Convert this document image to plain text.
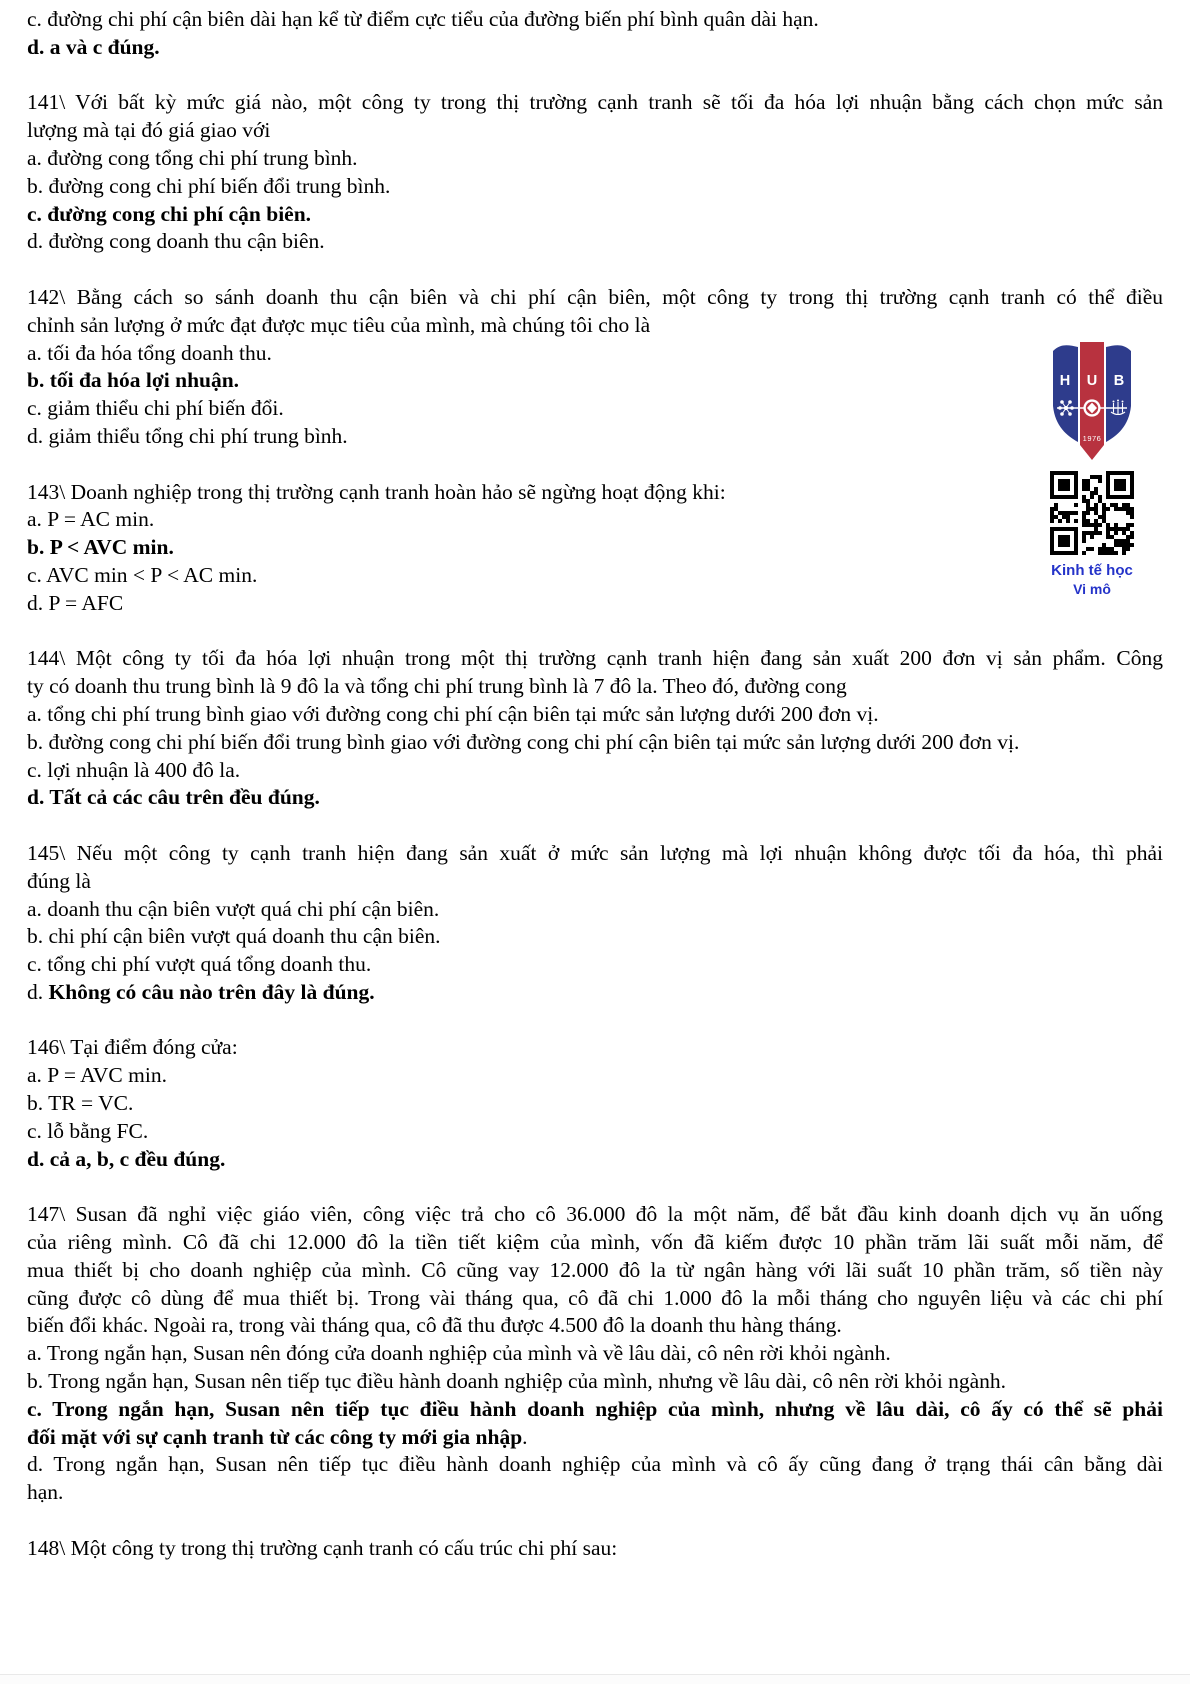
c. đường chi phí cận biên dài hạn kể từ điểm cực tiểu của đường biến phí bình quân dài hạn.
d. a và c đúng.
141\ Với bất kỳ mức giá nào, một công ty trong thị trường cạnh tranh sẽ tối đa hóa lợi nhuận bằng cách chọn mức sản
lượng mà tại đó giá giao với
a. đường cong tổng chi phí trung bình.
b. đường cong chi phí biến đổi trung bình.
c. đường cong chi phí cận biên.
d. đường cong doanh thu cận biên.
142\ Bằng cách so sánh doanh thu cận biên và chi phí cận biên, một công ty trong thị trường cạnh tranh có thể điều
chỉnh sản lượng ở mức đạt được mục tiêu của mình, mà chúng tôi cho là
a. tối đa hóa tổng doanh thu.
b. tối đa hóa lợi nhuận.
c. giảm thiểu chi phí biến đổi.
d. giảm thiểu tổng chi phí trung bình.
143\ Doanh nghiệp trong thị trường cạnh tranh hoàn hảo sẽ ngừng hoạt động khi:
a. P = AC min.
b. P < AVC min.
c. AVC min < P < AC min.
d. P = AFC
144\ Một công ty tối đa hóa lợi nhuận trong một thị trường cạnh tranh hiện đang sản xuất 200 đơn vị sản phẩm. Công
ty có doanh thu trung bình là 9 đô la và tổng chi phí trung bình là 7 đô la. Theo đó, đường cong
a. tổng chi phí trung bình giao với đường cong chi phí cận biên tại mức sản lượng dưới 200 đơn vị.
b. đường cong chi phí biến đổi trung bình giao với đường cong chi phí cận biên tại mức sản lượng dưới 200 đơn vị.
c. lợi nhuận là 400 đô la.
d. Tất cả các câu trên đều đúng.
145\ Nếu một công ty cạnh tranh hiện đang sản xuất ở mức sản lượng mà lợi nhuận không được tối đa hóa, thì phải
đúng là
a. doanh thu cận biên vượt quá chi phí cận biên.
b. chi phí cận biên vượt quá doanh thu cận biên.
c. tổng chi phí vượt quá tổng doanh thu.
d. Không có câu nào trên đây là đúng.
146\ Tại điểm đóng cửa:
a. P = AVC min.
b. TR = VC.
c. lỗ bằng FC.
d. cả a, b, c đều đúng.
147\ Susan đã nghỉ việc giáo viên, công việc trả cho cô 36.000 đô la một năm, để bắt đầu kinh doanh dịch vụ ăn uống
của riêng mình. Cô đã chi 12.000 đô la tiền tiết kiệm của mình, vốn đã kiếm được 10 phần trăm lãi suất mỗi năm, để
mua thiết bị cho doanh nghiệp của mình. Cô cũng vay 12.000 đô la từ ngân hàng với lãi suất 10 phần trăm, số tiền này
cũng được cô dùng để mua thiết bị. Trong vài tháng qua, cô đã chi 1.000 đô la mỗi tháng cho nguyên liệu và các chi phí
biến đổi khác. Ngoài ra, trong vài tháng qua, cô đã thu được 4.500 đô la doanh thu hàng tháng.
a. Trong ngắn hạn, Susan nên đóng cửa doanh nghiệp của mình và về lâu dài, cô nên rời khỏi ngành.
b. Trong ngắn hạn, Susan nên tiếp tục điều hành doanh nghiệp của mình, nhưng về lâu dài, cô nên rời khỏi ngành.
c. Trong ngắn hạn, Susan nên tiếp tục điều hành doanh nghiệp của mình, nhưng về lâu dài, cô ấy có thể sẽ phải
đối mặt với sự cạnh tranh từ các công ty mới gia nhập.
d. Trong ngắn hạn, Susan nên tiếp tục điều hành doanh nghiệp của mình và cô ấy cũng đang ở trạng thái cân bằng dài
hạn.
148\ Một công ty trong thị trường cạnh tranh có cấu trúc chi phí sau:
H U B
1976
Kinh tế học
Vi mô
